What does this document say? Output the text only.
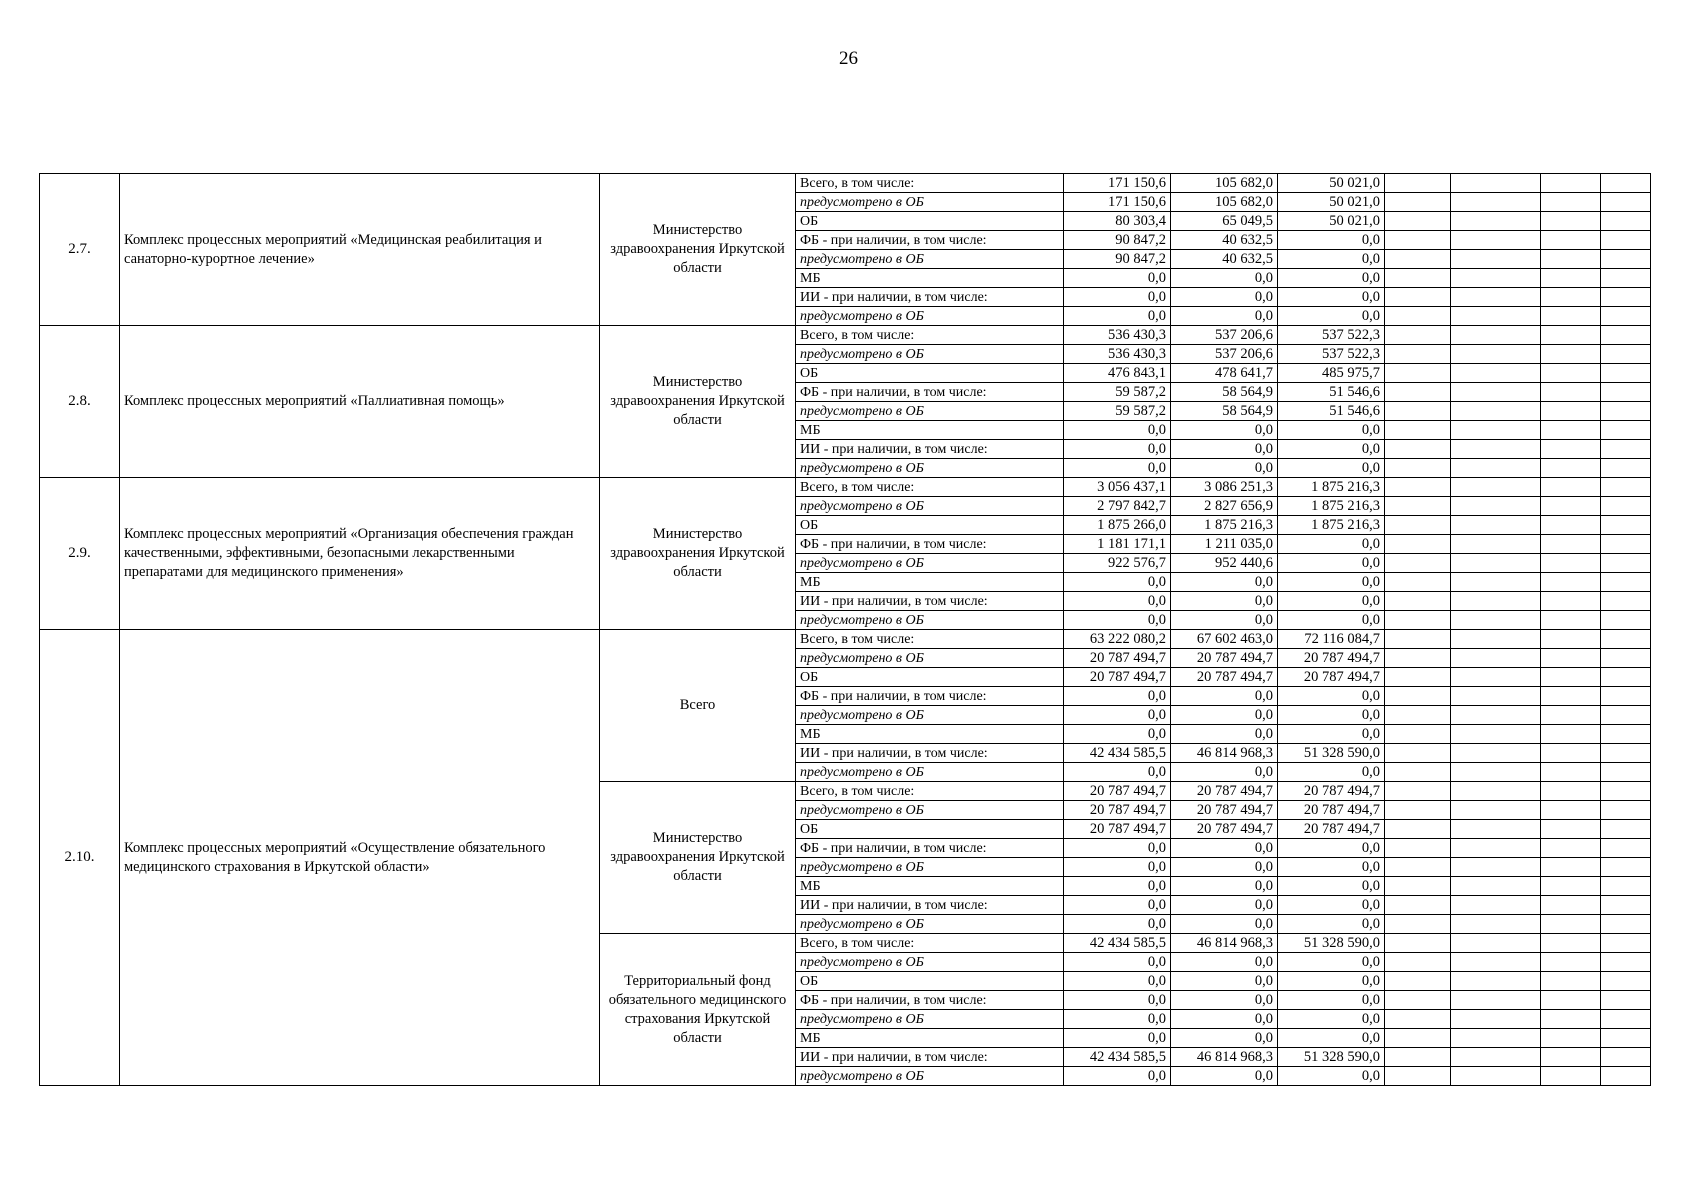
26
2.7.	Комплекс процессных мероприятий «Медицинская реабилитация и санаторно-курортное лечение»	Министерство здравоохранения Иркутской области	Всего, в том числе:	171 150,6	105 682,0	50 021,0				
			предусмотрено в ОБ	171 150,6	105 682,0	50 021,0				
			ОБ	80 303,4	65 049,5	50 021,0				
			ФБ - при наличии, в том числе:	90 847,2	40 632,5	0,0				
			предусмотрено в ОБ	90 847,2	40 632,5	0,0				
			МБ	0,0	0,0	0,0				
			ИИ - при наличии, в том числе:	0,0	0,0	0,0				
			предусмотрено в ОБ	0,0	0,0	0,0				
2.8.	Комплекс процессных мероприятий «Паллиативная помощь»	Министерство здравоохранения Иркутской области	Всего, в том числе:	536 430,3	537 206,6	537 522,3				
			предусмотрено в ОБ	536 430,3	537 206,6	537 522,3				
			ОБ	476 843,1	478 641,7	485 975,7				
			ФБ - при наличии, в том числе:	59 587,2	58 564,9	51 546,6				
			предусмотрено в ОБ	59 587,2	58 564,9	51 546,6				
			МБ	0,0	0,0	0,0				
			ИИ - при наличии, в том числе:	0,0	0,0	0,0				
			предусмотрено в ОБ	0,0	0,0	0,0				
2.9.	Комплекс процессных мероприятий «Организация обеспечения граждан качественными, эффективными, безопасными лекарственными препаратами для медицинского применения»	Министерство здравоохранения Иркутской области	Всего, в том числе:	3 056 437,1	3 086 251,3	1 875 216,3				
			предусмотрено в ОБ	2 797 842,7	2 827 656,9	1 875 216,3				
			ОБ	1 875 266,0	1 875 216,3	1 875 216,3				
			ФБ - при наличии, в том числе:	1 181 171,1	1 211 035,0	0,0				
			предусмотрено в ОБ	922 576,7	952 440,6	0,0				
			МБ	0,0	0,0	0,0				
			ИИ - при наличии, в том числе:	0,0	0,0	0,0				
			предусмотрено в ОБ	0,0	0,0	0,0				
2.10.	Комплекс процессных мероприятий «Осуществление обязательного медицинского страхования в Иркутской области»	Всего	Всего, в том числе:	63 222 080,2	67 602 463,0	72 116 084,7				
			предусмотрено в ОБ	20 787 494,7	20 787 494,7	20 787 494,7				
			ОБ	20 787 494,7	20 787 494,7	20 787 494,7				
			ФБ - при наличии, в том числе:	0,0	0,0	0,0				
			предусмотрено в ОБ	0,0	0,0	0,0				
			МБ	0,0	0,0	0,0				
			ИИ - при наличии, в том числе:	42 434 585,5	46 814 968,3	51 328 590,0				
			предусмотрено в ОБ	0,0	0,0	0,0				
		Министерство здравоохранения Иркутской области	Всего, в том числе:	20 787 494,7	20 787 494,7	20 787 494,7				
			предусмотрено в ОБ	20 787 494,7	20 787 494,7	20 787 494,7				
			ОБ	20 787 494,7	20 787 494,7	20 787 494,7				
			ФБ - при наличии, в том числе:	0,0	0,0	0,0				
			предусмотрено в ОБ	0,0	0,0	0,0				
			МБ	0,0	0,0	0,0				
			ИИ - при наличии, в том числе:	0,0	0,0	0,0				
			предусмотрено в ОБ	0,0	0,0	0,0				
		Территориальный фонд обязательного медицинского страхования Иркутской области	Всего, в том числе:	42 434 585,5	46 814 968,3	51 328 590,0				
			предусмотрено в ОБ	0,0	0,0	0,0				
			ОБ	0,0	0,0	0,0				
			ФБ - при наличии, в том числе:	0,0	0,0	0,0				
			предусмотрено в ОБ	0,0	0,0	0,0				
			МБ	0,0	0,0	0,0				
			ИИ - при наличии, в том числе:	42 434 585,5	46 814 968,3	51 328 590,0				
			предусмотрено в ОБ	0,0	0,0	0,0				
